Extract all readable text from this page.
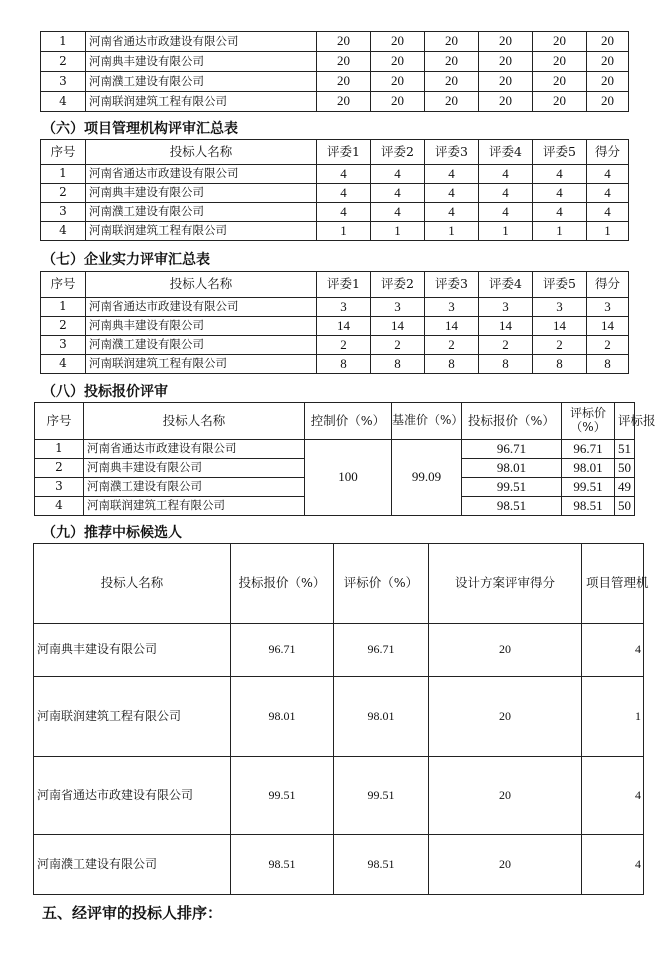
1	河南省通达市政建设有限公司	20	20	20	20	20	20
2	河南典丰建设有限公司	20	20	20	20	20	20
3	河南濮工建设有限公司	20	20	20	20	20	20
4	河南联润建筑工程有限公司	20	20	20	20	20	20
（六）项目管理机构评审汇总表
序号	投标人名称	评委1	评委2	评委3	评委4	评委5	得分
1	河南省通达市政建设有限公司	4	4	4	4	4	4
2	河南典丰建设有限公司	4	4	4	4	4	4
3	河南濮工建设有限公司	4	4	4	4	4	4
4	河南联润建筑工程有限公司	1	1	1	1	1	1
（七）企业实力评审汇总表
序号	投标人名称	评委1	评委2	评委3	评委4	评委5	得分
1	河南省通达市政建设有限公司	3	3	3	3	3	3
2	河南典丰建设有限公司	14	14	14	14	14	14
3	河南濮工建设有限公司	2	2	2	2	2	2
4	河南联润建筑工程有限公司	8	8	8	8	8	8
（八）投标报价评审
序号	投标人名称	控制价（%）	基准价（%）	投标报价（%）	评标价（%）	评标报
1	河南省通达市政建设有限公司	100	99.09	96.71	96.71	51
2	河南典丰建设有限公司			98.01	98.01	50
3	河南濮工建设有限公司			99.51	99.51	49
4	河南联润建筑工程有限公司			98.51	98.51	50
（九）推荐中标候选人
投标人名称	投标报价（%）	评标价（%）	设计方案评审得分	项目管理机
河南典丰建设有限公司	96.71	96.71	20	4
河南联润建筑工程有限公司	98.01	98.01	20	1
河南省通达市政建设有限公司	99.51	99.51	20	4
河南濮工建设有限公司	98.51	98.51	20	4
五、经评审的投标人排序：
